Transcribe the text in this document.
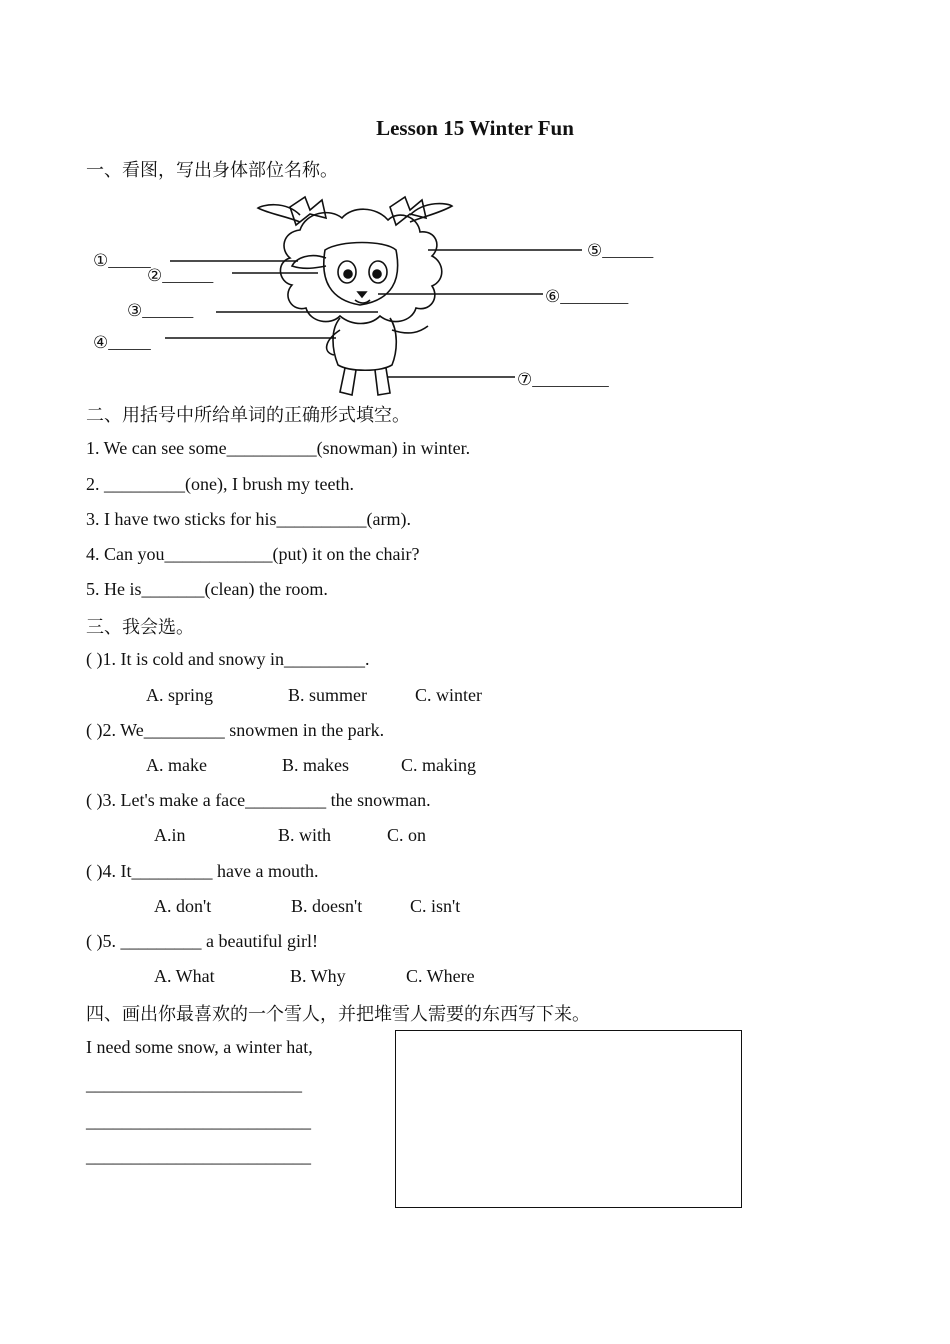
Lesson 15 Winter Fun
一、看图，写出身体部位名称。
①_____
②______
③______
④_____
⑤______
⑥________
⑦_________
二、用括号中所给单词的正确形式填空。
1. We can see some__________(snowman) in winter.
2. _________(one), I brush my teeth.
3. I have two sticks for his__________(arm).
4. Can you____________(put) it on the chair?
5. He is_______(clean) the room.
三、我会选。
( )1. It is cold and snowy in_________.
A. spring	B. summer	C. winter
( )2. We_________ snowmen in the park.
A. make	B. makes	C. making
( )3. Let's make a face_________ the snowman.
A.in	B. with	C. on
( )4. It_________ have a mouth.
A. don't	B. doesn't	C. isn't
( )5. _________ a beautiful girl!
A. What	B. Why	C. Where
四、画出你最喜欢的一个雪人，并把堆雪人需要的东西写下来。
I need some snow, a winter hat,
________________________
_________________________
_________________________
